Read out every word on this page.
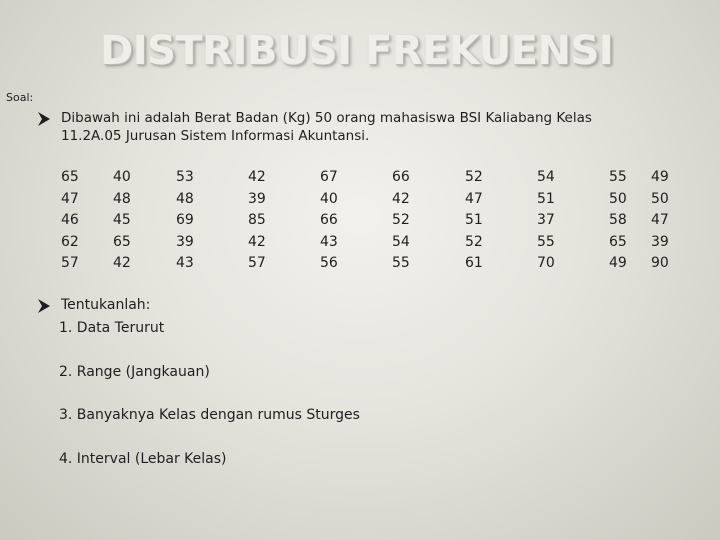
DISTRIBUSI FREKUENSI
Soal:
Dibawah ini adalah Berat Badan (Kg) 50 orang mahasiswa BSI Kaliabang Kelas
11.2A.05 Jurusan Sistem Informasi Akuntansi.
65
47
46
62
57
40
48
45
65
42
53
48
69
39
43
42
39
85
42
57
67
40
66
43
56
66
42
52
54
55
52
47
51
52
61
54
51
37
55
70
55
50
58
65
49
49
50
47
39
90
Tentukanlah:
1. Data Terurut
2. Range (Jangkauan)
3. Banyaknya Kelas dengan rumus Sturges
4. Interval (Lebar Kelas)
